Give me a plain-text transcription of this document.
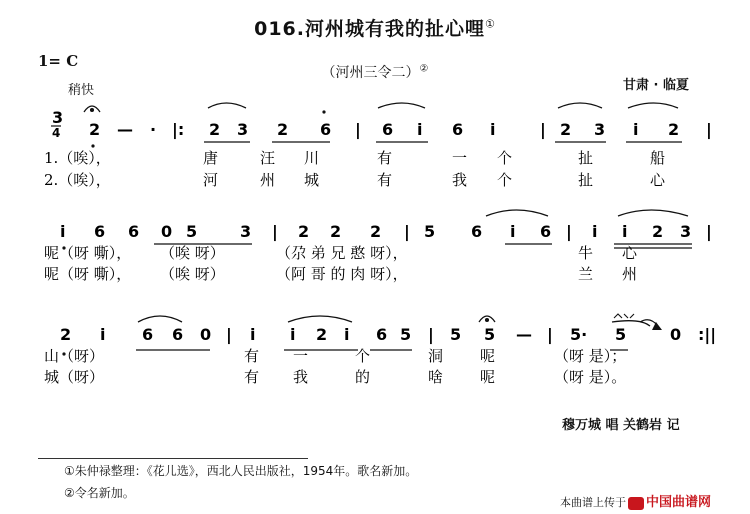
016.河州城有我的扯心哩①
1= C
（河州三令二）②
稍快	甘肃 · 临夏
4
3
2 — · |: 2 3 2 6 | 6 i 6 i	| 2 3 i 2 |
1.（唉），	唐	汪 川	有	一 个	扯	船
2.（唉），	河	州 城	有	我 个	扯	心
i 6 6 0 5	3 | 2 2 2 | 5 6 i 6 | i i 2 3 |
呢（呀 嘶）， （唉 呀）	（尕 弟 兄 憨 呀），	牛 心
呢（呀 嘶）， （唉 呀）	（阿 哥 的 肉 呀），	兰 州
2 i 6 6 0 | i i 2 i 6 5 | 5 5 — | 5· 5	0 :||
山（呀）	有 一	个	洞 呢	（呀 是）；
城（呀）	有 我	的	啥 呢	（呀 是）。
穆万城 唱 关鹤岩 记
①朱仲禄整理：《花儿选》，西北人民出版社，1954年。歌名新加。
②令名新加。
本曲谱上传于 中国曲谱网
